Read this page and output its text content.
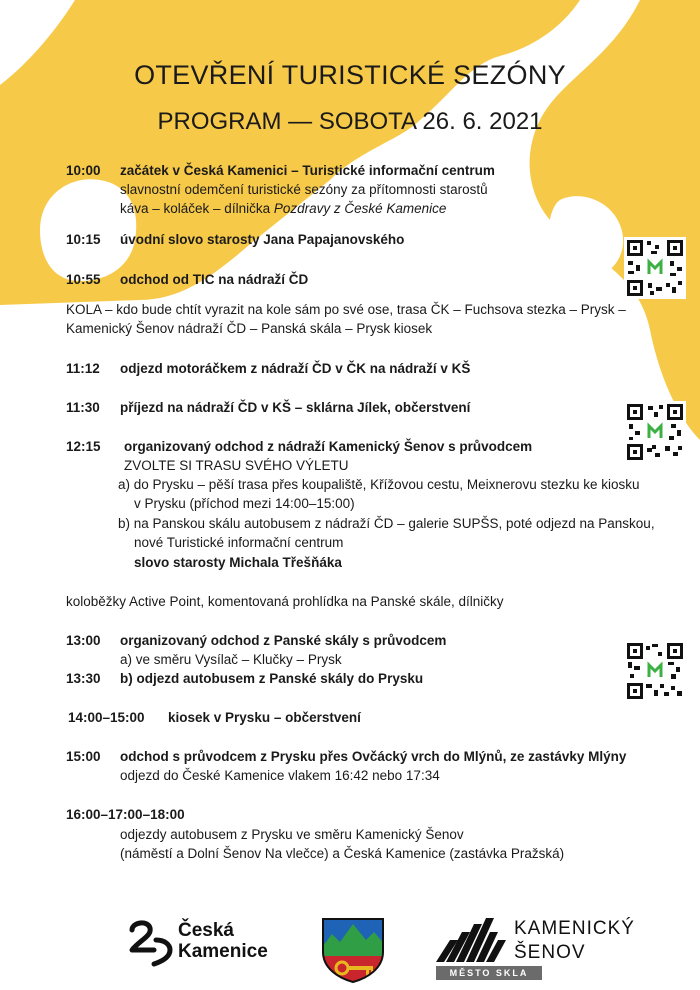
OTEVŘENÍ TURISTICKÉ SEZÓNY
PROGRAM — SOBOTA 26. 6. 2021
10:00 začátek v Česká Kamenici – Turistické informační centrum
slavnostní odemčení turistické sezóny za přítomnosti starostů
káva – koláček – dílnička Pozdravy z České Kamenice
10:15 úvodní slovo starosty Jana Papajanovského
10:55 odchod od TIC na nádraží ČD
KOLA – kdo bude chtít vyrazit na kole sám po své ose, trasa ČK – Fuchsova stezka – Prysk –
Kamenický Šenov nádraží ČD – Panská skála – Prysk kiosek
11:12 odjezd motoráčkem z nádraží ČD v ČK na nádraží v KŠ
11:30 příjezd na nádraží ČD v KŠ – sklárna Jílek, občerstvení
12:15 organizovaný odchod z nádraží Kamenický Šenov s průvodcem
ZVOLTE SI TRASU SVÉHO VÝLETU
a) do Prysku – pěší trasa přes koupaliště, Křížovou cestu, Meixnerovu stezku ke kiosku
v Prysku (příchod mezi 14:00–15:00)
b) na Panskou skálu autobusem z nádraží ČD – galerie SUPŠS, poté odjezd na Panskou,
nové Turistické informační centrum
slovo starosty Michala Třešňáka
koloběžky Active Point, komentovaná prohlídka na Panské skále, dílničky
13:00 organizovaný odchod z Panské skály s průvodcem
a) ve směru Vysílač – Klučky – Prysk
13:30 b) odjezd autobusem z Panské skály do Prysku
14:00–15:00 kiosek v Prysku – občerstvení
15:00 odchod s průvodcem z Prysku přes Ovčácký vrch do Mlýnů, ze zastávky Mlýny
odjezd do České Kamenice vlakem 16:42 nebo 17:34
16:00–17:00–18:00
odjezdy autobusem z Prysku ve směru Kamenický Šenov
(náměstí a Dolní Šenov Na vlečce) a Česká Kamenice (zastávka Pražská)
Česká
Kamenice
KAMENICKÝ
ŠENOV
MĚSTO SKLA
